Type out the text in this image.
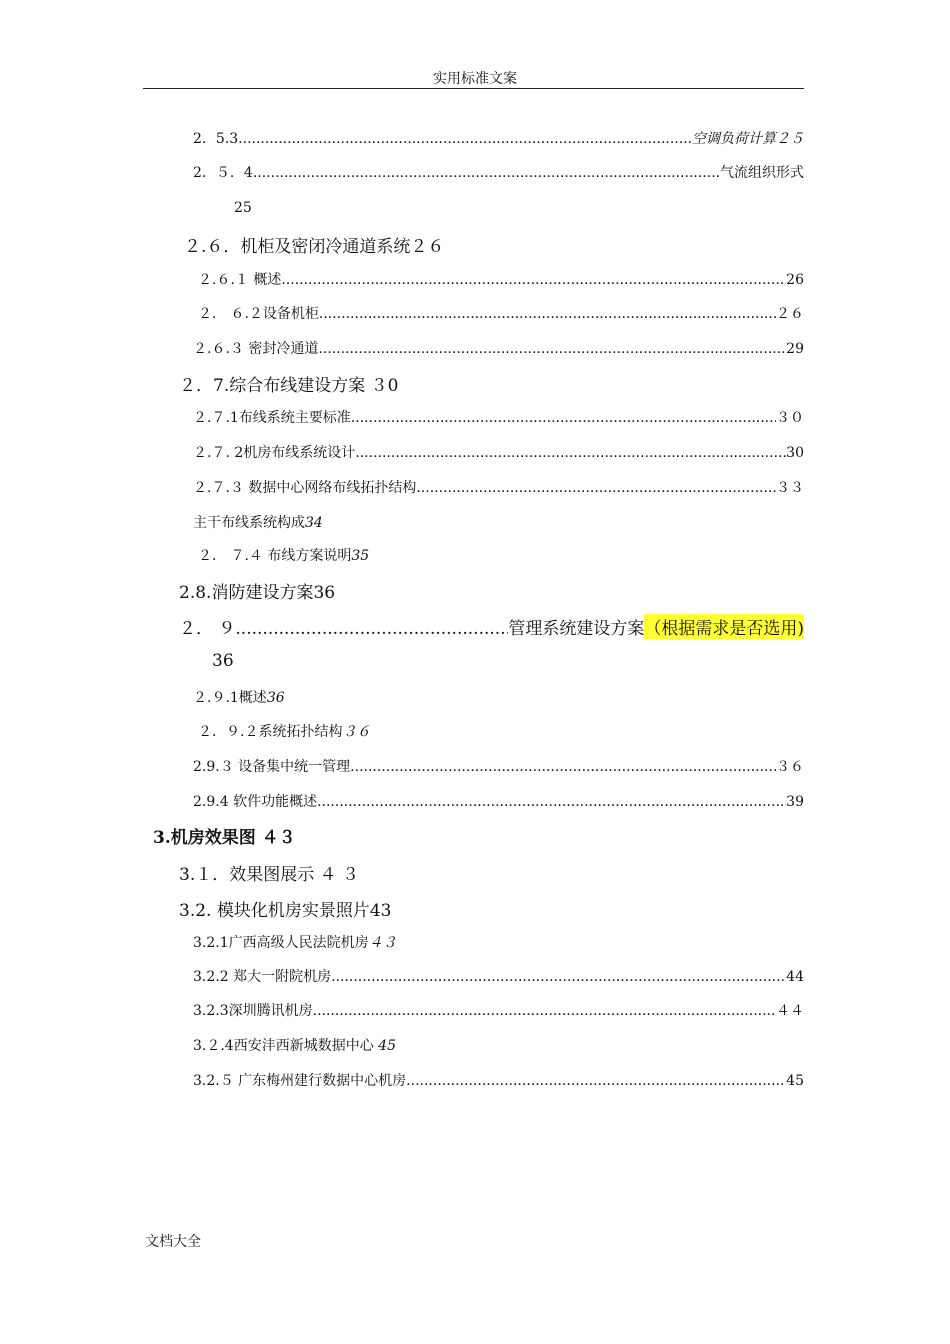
实用标准文案
2．5.3 .....	空调负荷计算２５
2．５．4 .....	气流组织形式
25
２.６．机柜及密闭冷通道系统２６
２.６.１ 概述 .....	26
２． ６.２设备机柜 .....	２６
２.６.３ 密封冷通道 .....	29
２．7.综合布线建设方案 ３0
２.７.1布线系统主要标准 .....	３０
２.７. 2机房布线系统设计 .....	30
２.７.３ 数据中心网络布线拓扑结构 .....	３３
主干布线系统构成34
２． ７.４ 布线方案说明35
2.8.消防建设方案36
２． ９ .....	管理系统建设方案 （根据需求是否选用)
36
２.９.1概述36
２．９.２系统拓扑结构３６
2.9.３ 设备集中统一管理 .....	３６
2.9.4 软件功能概述 .....	39
3.机房效果图 ４３
3.１．效果图展示 ４ ３
3.2. 模块化机房实景照片43
3.2.1广西高级人民法院机房４３
3.2.2 郑大一附院机房 .....	44
3.2.3深圳腾讯机房 .....	４４
3.２.4西安沣西新城数据中心 45
3.2.５ 广东梅州建行数据中心机房 .....	45
文档大全
